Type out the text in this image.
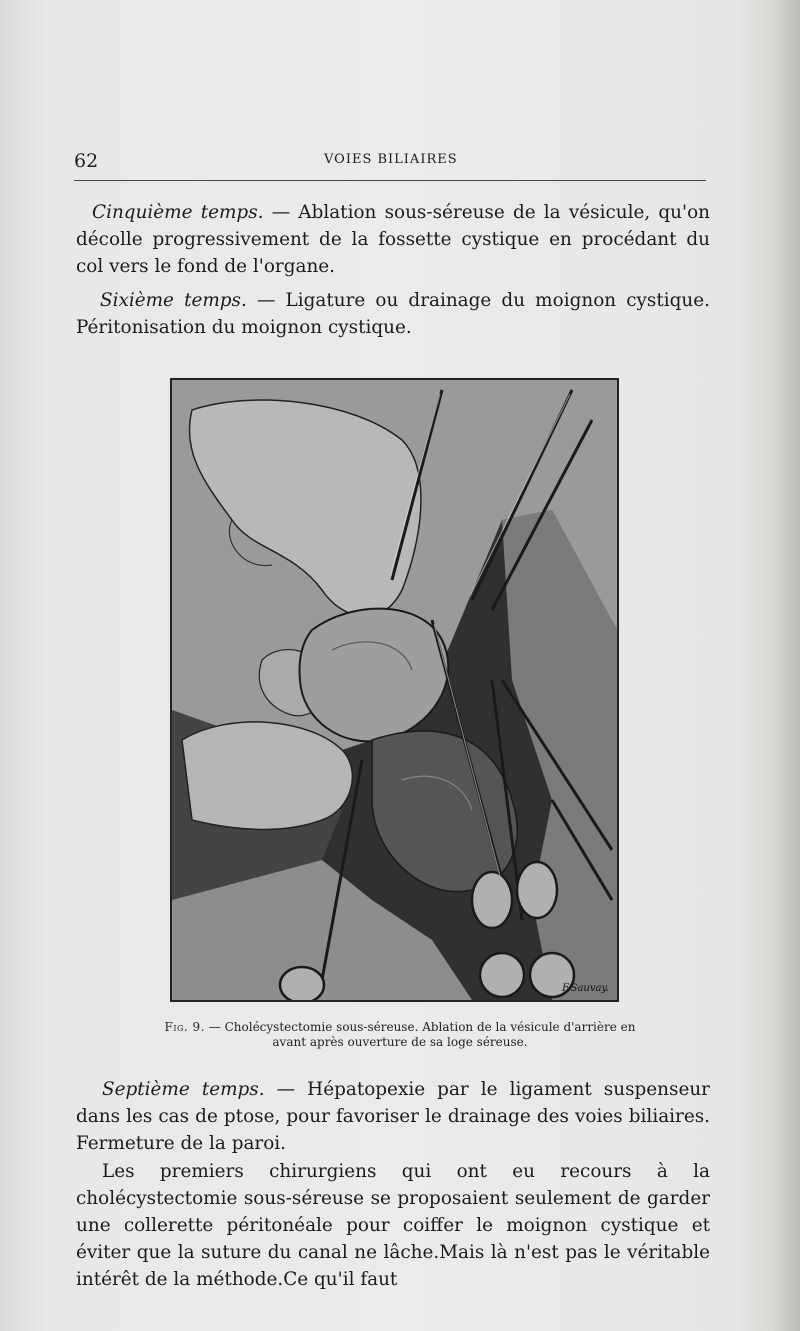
62	VOIES BILIAIRES

Cinquième temps. — Ablation sous-séreuse de la vésicule, qu'on décolle progressivement de la fossette cystique en procédant du col vers le fond de l'organe.

Sixième temps. — Ligature ou drainage du moignon cystique. Péritonisation du moignon cystique.

F.Sauvay.
Fig. 9. — Cholécystectomie sous-séreuse. Ablation de la vésicule d'arrière en avant après ouverture de sa loge séreuse.

Septième temps. — Hépatopexie par le ligament suspenseur dans les cas de ptose, pour favoriser le drainage des voies biliaires. Fermeture de la paroi.

Les premiers chirurgiens qui ont eu recours à la cholécystectomie sous-séreuse se proposaient seulement de garder une collerette péritonéale pour coiffer le moignon cystique et éviter que la suture du canal ne lâche.Mais là n'est pas le véritable intérêt de la méthode.Ce qu'il faut
